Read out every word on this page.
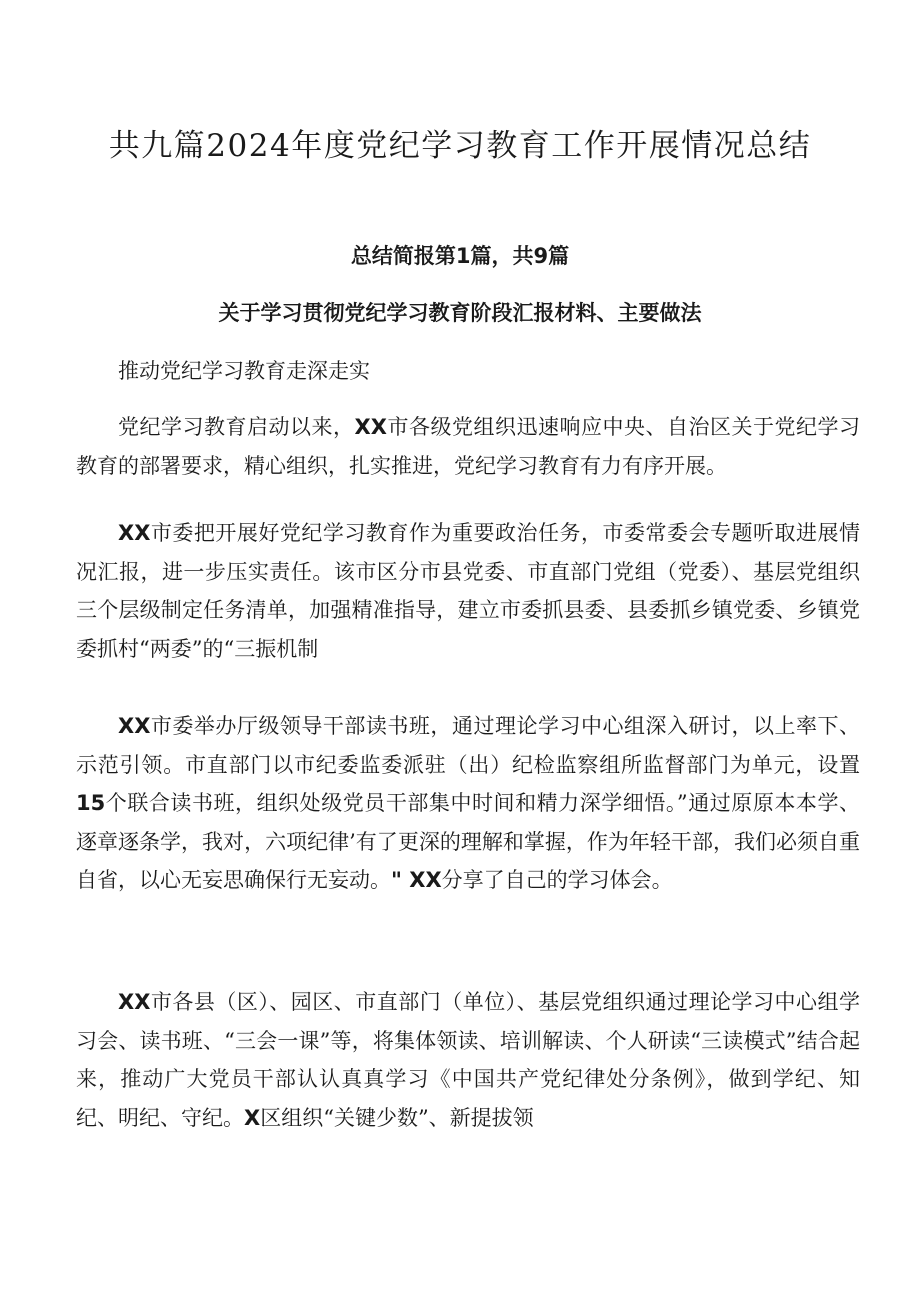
共九篇2024年度党纪学习教育工作开展情况总结

总结简报第1篇，共9篇

关于学习贯彻党纪学习教育阶段汇报材料、主要做法

推动党纪学习教育走深走实

党纪学习教育启动以来，XX市各级党组织迅速响应中央、自治区关于党纪学习教育的部署要求，精心组织，扎实推进，党纪学习教育有力有序开展。

XX市委把开展好党纪学习教育作为重要政治任务，市委常委会专题听取进展情况汇报，进一步压实责任。该市区分市县党委、市直部门党组（党委）、基层党组织三个层级制定任务清单，加强精准指导，建立市委抓县委、县委抓乡镇党委、乡镇党委抓村“两委”的“三振机制

XX市委举办厅级领导干部读书班，通过理论学习中心组深入研讨，以上率下、示范引领。市直部门以市纪委监委派驻（出）纪检监察组所监督部门为单元，设置15个联合读书班，组织处级党员干部集中时间和精力深学细悟。”通过原原本本学、逐章逐条学，我对，六项纪律’有了更深的理解和掌握，作为年轻干部，我们必须自重自省，以心无妄思确保行无妄动。" XX分享了自己的学习体会。

XX市各县（区）、园区、市直部门（单位）、基层党组织通过理论学习中心组学习会、读书班、“三会一课”等，将集体领读、培训解读、个人研读“三读模式”结合起来，推动广大党员干部认认真真学习《中国共产党纪律处分条例》，做到学纪、知纪、明纪、守纪。X区组织“关键少数”、新提拔领
